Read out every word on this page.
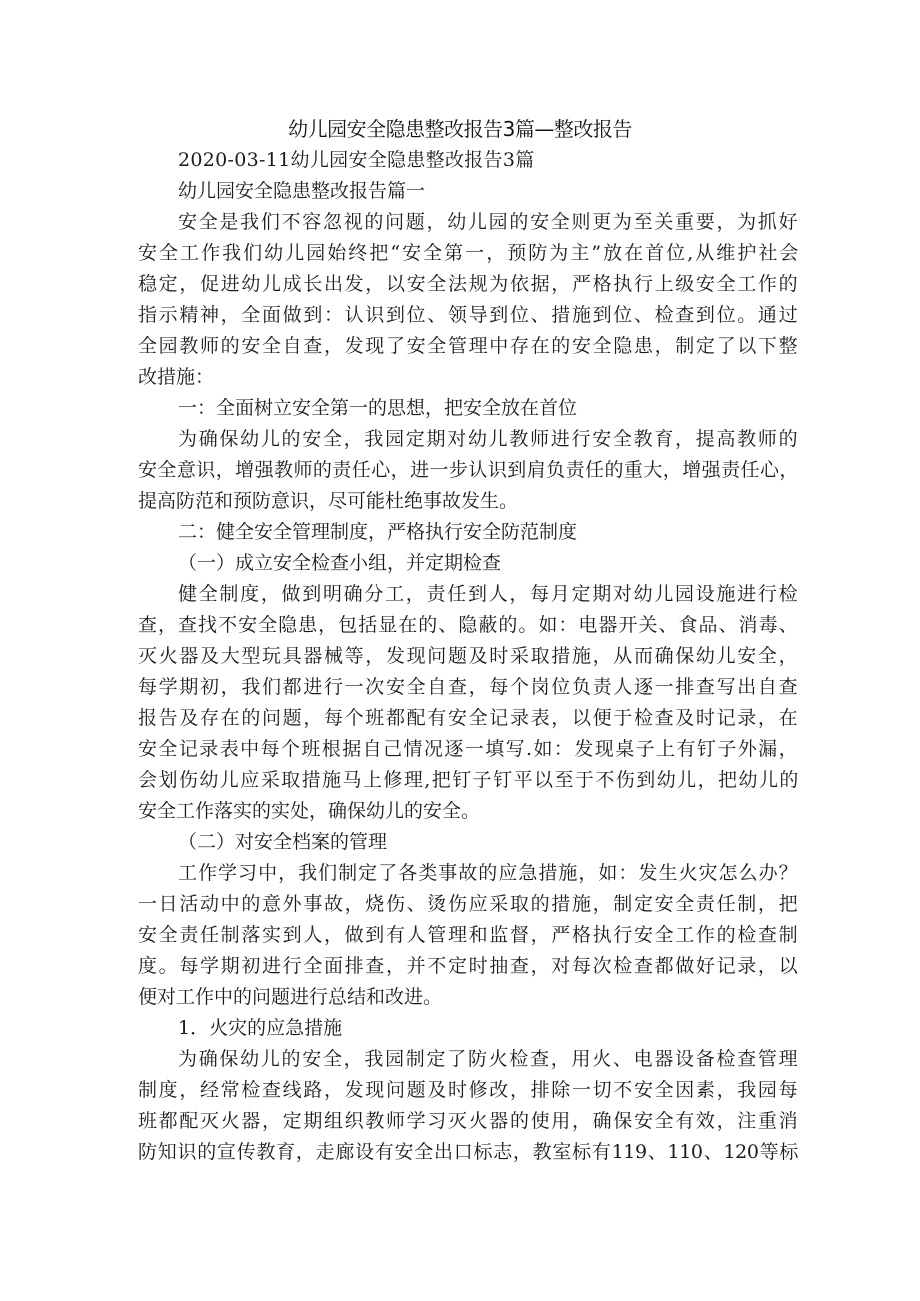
幼儿园安全隐患整改报告3篇—整改报告
2020-03-11幼儿园安全隐患整改报告3篇
幼儿园安全隐患整改报告篇一
安全是我们不容忽视的问题，幼儿园的安全则更为至关重要，为抓好
安全工作我们幼儿园始终把“安全第一，预防为主”放在首位,从维护社会
稳定，促进幼儿成长出发，以安全法规为依据，严格执行上级安全工作的
指示精神，全面做到：认识到位、领导到位、措施到位、检查到位。通过
全园教师的安全自查，发现了安全管理中存在的安全隐患，制定了以下整
改措施：
一：全面树立安全第一的思想，把安全放在首位
为确保幼儿的安全，我园定期对幼儿教师进行安全教育，提高教师的
安全意识，增强教师的责任心，进一步认识到肩负责任的重大，增强责任心，
提高防范和预防意识，尽可能杜绝事故发生。
二：健全安全管理制度，严格执行安全防范制度
（一）成立安全检查小组，并定期检查
健全制度，做到明确分工，责任到人，每月定期对幼儿园设施进行检
查，查找不安全隐患，包括显在的、隐蔽的。如：电器开关、食品、消毒、
灭火器及大型玩具器械等，发现问题及时采取措施，从而确保幼儿安全，
每学期初，我们都进行一次安全自查，每个岗位负责人逐一排查写出自查
报告及存在的问题，每个班都配有安全记录表，以便于检查及时记录，在
安全记录表中每个班根据自己情况逐一填写.如：发现桌子上有钉子外漏，
会划伤幼儿应采取措施马上修理,把钉子钉平以至于不伤到幼儿，把幼儿的
安全工作落实的实处，确保幼儿的安全。
（二）对安全档案的管理
工作学习中，我们制定了各类事故的应急措施，如：发生火灾怎么办？
一日活动中的意外事故，烧伤、烫伤应采取的措施，制定安全责任制，把
安全责任制落实到人，做到有人管理和监督，严格执行安全工作的检查制
度。每学期初进行全面排查，并不定时抽查，对每次检查都做好记录，以
便对工作中的问题进行总结和改进。
1．火灾的应急措施
为确保幼儿的安全，我园制定了防火检查，用火、电器设备检查管理
制度，经常检查线路，发现问题及时修改，排除一切不安全因素，我园每
班都配灭火器，定期组织教师学习灭火器的使用，确保安全有效，注重消
防知识的宣传教育，走廊设有安全出口标志，教室标有119、110、120等标
